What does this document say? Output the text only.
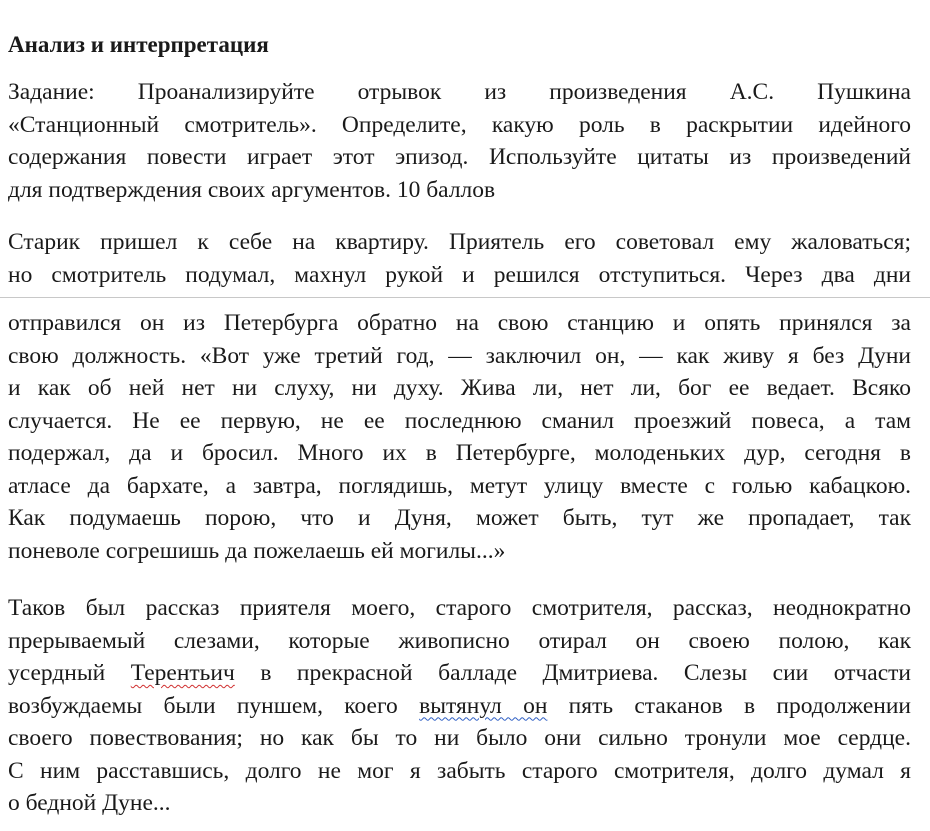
Анализ и интерпретация
Задание: Проанализируйте отрывок из произведения А.С. Пушкина
«Станционный смотритель». Определите, какую роль в раскрытии идейного
содержания повести играет этот эпизод. Используйте цитаты из произведений
для подтверждения своих аргументов. 10 баллов
Старик пришел к себе на квартиру. Приятель его советовал ему жаловаться;
но смотритель подумал, махнул рукой и решился отступиться. Через два дни
отправился он из Петербурга обратно на свою станцию и опять принялся за
свою должность. «Вот уже третий год, — заключил он, — как живу я без Дуни
и как об ней нет ни слуху, ни духу. Жива ли, нет ли, бог ее ведает. Всяко
случается. Не ее первую, не ее последнюю сманил проезжий повеса, а там
подержал, да и бросил. Много их в Петербурге, молоденьких дур, сегодня в
атласе да бархате, а завтра, поглядишь, метут улицу вместе с голью кабацкою.
Как подумаешь порою, что и Дуня, может быть, тут же пропадает, так
поневоле согрешишь да пожелаешь ей могилы...»
Таков был рассказ приятеля моего, старого смотрителя, рассказ, неоднократно
прерываемый слезами, которые живописно отирал он своею полою, как
усердный Терентьич в прекрасной балладе Дмитриева. Слезы сии отчасти
возбуждаемы были пуншем, коего вытянул он пять стаканов в продолжении
своего повествования; но как бы то ни было они сильно тронули мое сердце.
С ним расставшись, долго не мог я забыть старого смотрителя, долго думал я
о бедной Дуне...
